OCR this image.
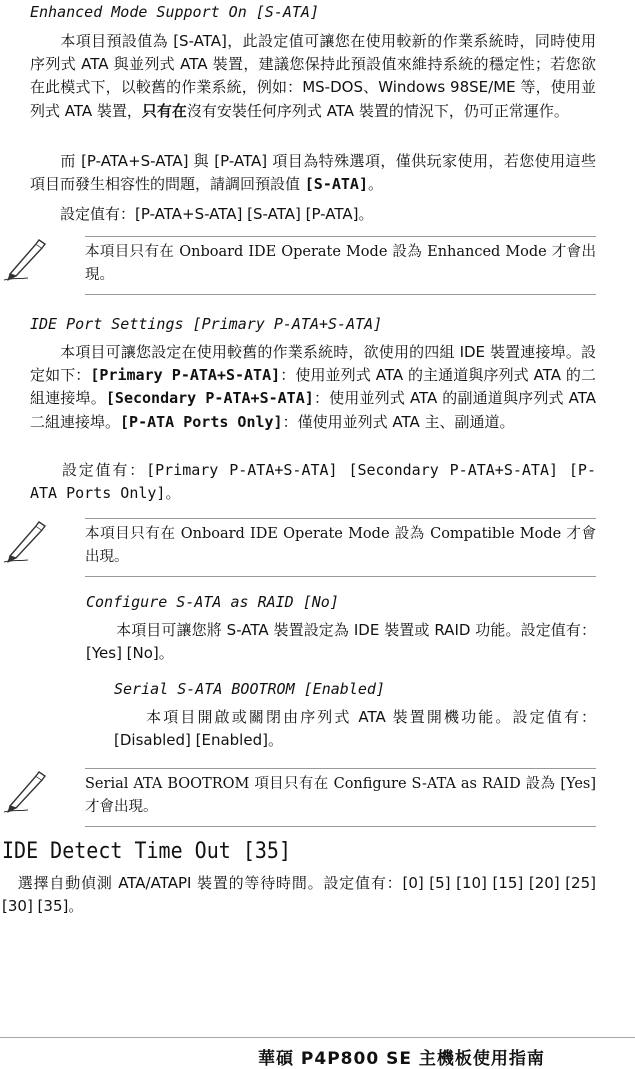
Enhanced Mode Support On [S-ATA]

本項目預設值為 [S-ATA]，此設定值可讓您在使用較新的作業系統時，同時使用序列式 ATA 與並列式 ATA 裝置，建議您保持此預設值來維持系統的穩定性；若您欲在此模式下，以較舊的作業系統，例如：MS-DOS、Windows 98SE/ME 等，使用並列式 ATA 裝置，只有在沒有安裝任何序列式 ATA 裝置的情況下，仍可正常運作。

而 [P-ATA+S-ATA] 與 [P-ATA] 項目為特殊選項，僅供玩家使用，若您使用這些項目而發生相容性的問題，請調回預設值 [S-ATA]。

設定值有：[P-ATA+S-ATA] [S-ATA] [P-ATA]。

本項目只有在 Onboard IDE Operate Mode 設為 Enhanced Mode 才會出現。

IDE Port Settings [Primary P-ATA+S-ATA]

本項目可讓您設定在使用較舊的作業系統時，欲使用的四組 IDE 裝置連接埠。設定如下：[Primary P-ATA+S-ATA]：使用並列式 ATA 的主通道與序列式 ATA 的二組連接埠。[Secondary P-ATA+S-ATA]：使用並列式 ATA 的副通道與序列式 ATA 二組連接埠。[P-ATA Ports Only]：僅使用並列式 ATA 主、副通道。

設定值有：[Primary P-ATA+S-ATA] [Secondary P-ATA+S-ATA] [P-ATA Ports Only]。

本項目只有在 Onboard IDE Operate Mode 設為 Compatible Mode 才會出現。

Configure S-ATA as RAID [No]

本項目可讓您將 S-ATA 裝置設定為 IDE 裝置或 RAID 功能。設定值有：[Yes] [No]。

Serial S-ATA BOOTROM [Enabled]

本項目開啟或關閉由序列式 ATA 裝置開機功能。設定值有：[Disabled] [Enabled]。

Serial ATA BOOTROM 項目只有在 Configure S-ATA as RAID 設為 [Yes] 才會出現。

IDE Detect Time Out [35]

選擇自動偵測 ATA/ATAPI 裝置的等待時間。設定值有：[0] [5] [10] [15] [20] [25] [30] [35]。

華碩 P4P800 SE 主機板使用指南
